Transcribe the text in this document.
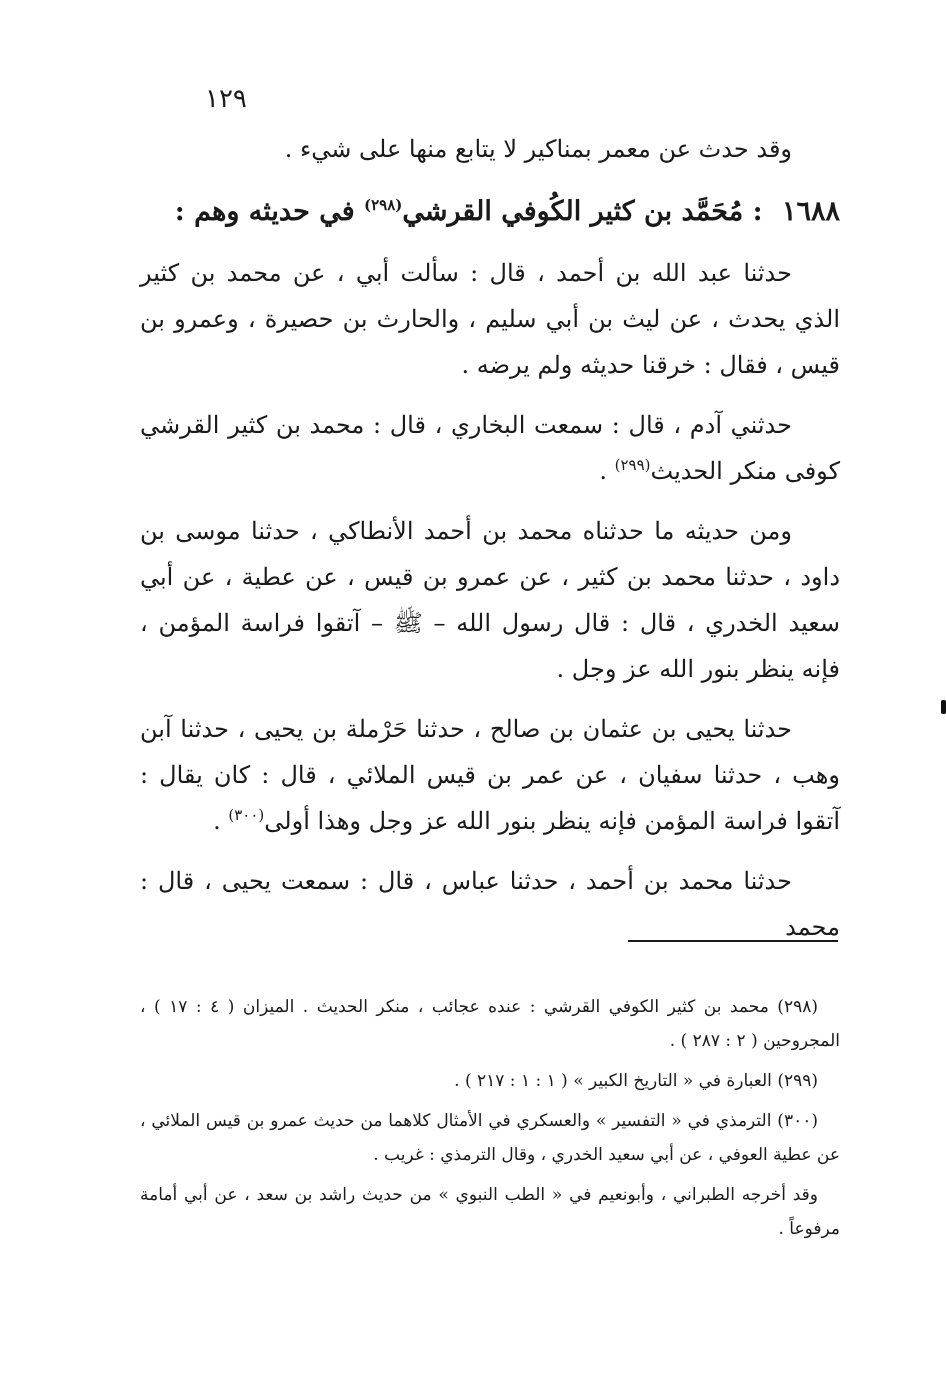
١٢٩

وقد حدث عن معمر بمناكير لا يتابع منها على شيء .

١٦٨٨ : مُحَمَّد بن كثير الكُوفي القرشي$^{(٢٩٨)}$ في حديثه وهم :

حدثنا عبد الله بن أحمد ، قال : سألت أبي ، عن محمد بن كثير الذي يحدث ، عن ليث بن أبي سليم ، والحارث بن حصيرة ، وعمرو بن قيس ، فقال : خرقنا حديثه ولم يرضه .

حدثني آدم ، قال : سمعت البخاري ، قال : محمد بن كثير القرشي كوفى منكر الحديث$^{(٢٩٩)}$ .

ومن حديثه ما حدثناه محمد بن أحمد الأنطاكي ، حدثنا موسى بن داود ، حدثنا محمد بن كثير ، عن عمرو بن قيس ، عن عطية ، عن أبي سعيد الخدري ، قال : قال رسول الله – ﷺ – آتقوا فراسة المؤمن ، فإنه ينظر بنور الله عز وجل .

حدثنا يحيى بن عثمان بن صالح ، حدثنا حَرْملة بن يحيى ، حدثنا آبن وهب ، حدثنا سفيان ، عن عمر بن قيس الملائي ، قال : كان يقال : آتقوا فراسة المؤمن فإنه ينظر بنور الله عز وجل وهذا أولى$^{(٣٠٠)}$ .

حدثنا محمد بن أحمد ، حدثنا عباس ، قال : سمعت يحيى ، قال : محمد

(٢٩٨) محمد بن كثير الكوفي القرشي : عنده عجائب ، منكر الحديث . الميزان ( ٤ : ١٧ ) ، المجروحين ( ٢ : ٢٨٧ ) .

(٢٩٩) العبارة في « التاريخ الكبير » ( ١ : ١ : ٢١٧ ) .

(٣٠٠) الترمذي في « التفسير » والعسكري في الأمثال كلاهما من حديث عمرو بن قيس الملائي ، عن عطية العوفي ، عن أبي سعيد الخدري ، وقال الترمذي : غريب .

وقد أخرجه الطبراني ، وأبونعيم في « الطب النبوي » من حديث راشد بن سعد ، عن أبي أمامة مرفوعاً .
